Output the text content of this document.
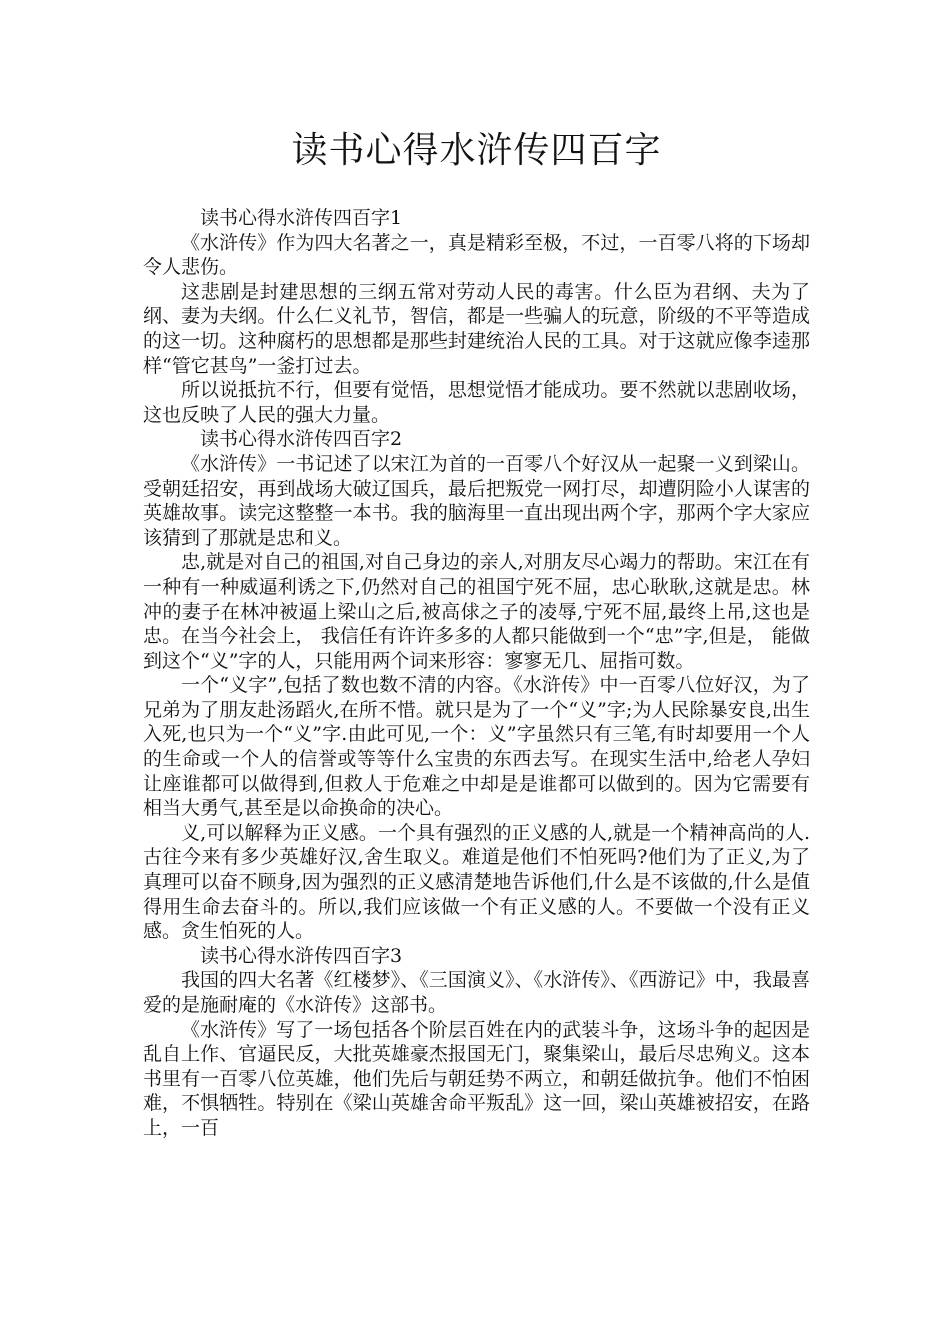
读书心得水浒传四百字

读书心得水浒传四百字1

《水浒传》作为四大名著之一，真是精彩至极，不过，一百零八将的下场却令人悲伤。

这悲剧是封建思想的三纲五常对劳动人民的毒害。什么臣为君纲、夫为了纲、妻为夫纲。什么仁义礼节，智信，都是一些骗人的玩意，阶级的不平等造成的这一切。这种腐朽的思想都是那些封建统治人民的工具。对于这就应像李逵那样“管它甚鸟”一釜打过去。

所以说抵抗不行，但要有觉悟，思想觉悟才能成功。要不然就以悲剧收场，这也反映了人民的强大力量。

读书心得水浒传四百字2

《水浒传》一书记述了以宋江为首的一百零八个好汉从一起聚一义到梁山。受朝廷招安，再到战场大破辽国兵，最后把叛党一网打尽，却遭阴险小人谋害的英雄故事。读完这整整一本书。我的脑海里一直出现出两个字，那两个字大家应该猜到了那就是忠和义。

忠,就是对自己的祖国,对自己身边的亲人,对朋友尽心竭力的帮助。宋江在有一种有一种威逼利诱之下,仍然对自己的祖国宁死不屈，忠心耿耿,这就是忠。林冲的妻子在林冲被逼上梁山之后,被高俅之子的凌辱,宁死不屈,最终上吊,这也是忠。在当今社会上， 我信任有许许多多的人都只能做到一个“忠”字,但是， 能做到这个“义”字的人，只能用两个词来形容：寥寥无几、屈指可数。

一个“义字”,包括了数也数不清的内容。《水浒传》中一百零八位好汉，为了兄弟为了朋友赴汤蹈火,在所不惜。就只是为了一个“义”字;为人民除暴安良,出生入死,也只为一个“义”字.由此可见,一个：义”字虽然只有三笔,有时却要用一个人的生命或一个人的信誉或等等什么宝贵的东西去写。在现实生活中,给老人孕妇让座谁都可以做得到,但救人于危难之中却是是谁都可以做到的。因为它需要有相当大勇气,甚至是以命换命的决心。

义,可以解释为正义感。一个具有强烈的正义感的人,就是一个精神高尚的人.古往今来有多少英雄好汉,舍生取义。难道是他们不怕死吗?他们为了正义,为了真理可以奋不顾身,因为强烈的正义感清楚地告诉他们,什么是不该做的,什么是值得用生命去奋斗的。所以,我们应该做一个有正义感的人。不要做一个没有正义感。贪生怕死的人。

读书心得水浒传四百字3

我国的四大名著《红楼梦》、《三国演义》、《水浒传》、《西游记》中，我最喜爱的是施耐庵的《水浒传》这部书。

《水浒传》写了一场包括各个阶层百姓在内的武装斗争，这场斗争的起因是乱自上作、官逼民反，大批英雄豪杰报国无门，聚集梁山，最后尽忠殉义。这本书里有一百零八位英雄，他们先后与朝廷势不两立，和朝廷做抗争。他们不怕困难，不惧牺牲。特别在《梁山英雄舍命平叛乱》这一回，梁山英雄被招安，在路上，一百
